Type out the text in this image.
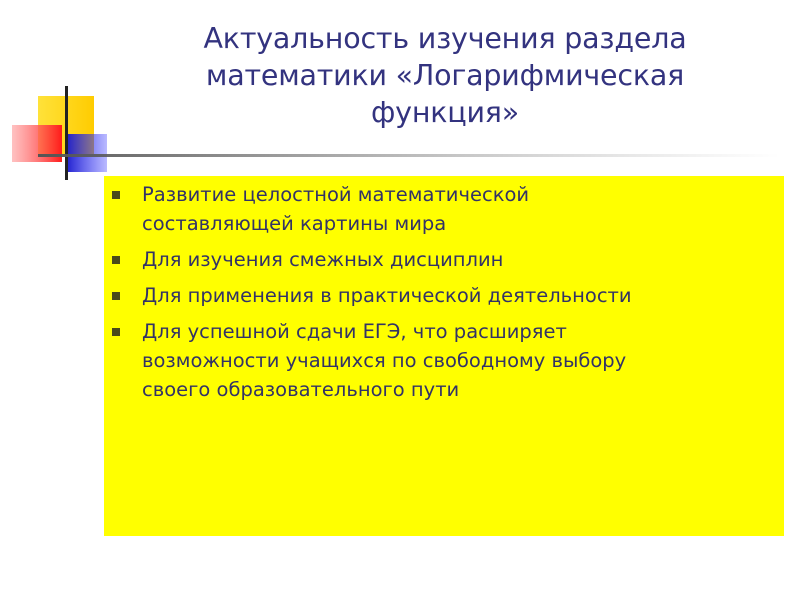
Актуальность изучения раздела
математики «Логарифмическая
функция»
Развитие целостной математической
составляющей картины мира
Для изучения смежных дисциплин
Для применения в практической деятельности
Для успешной сдачи ЕГЭ, что расширяет
возможности учащихся по свободному выбору
своего образовательного пути
